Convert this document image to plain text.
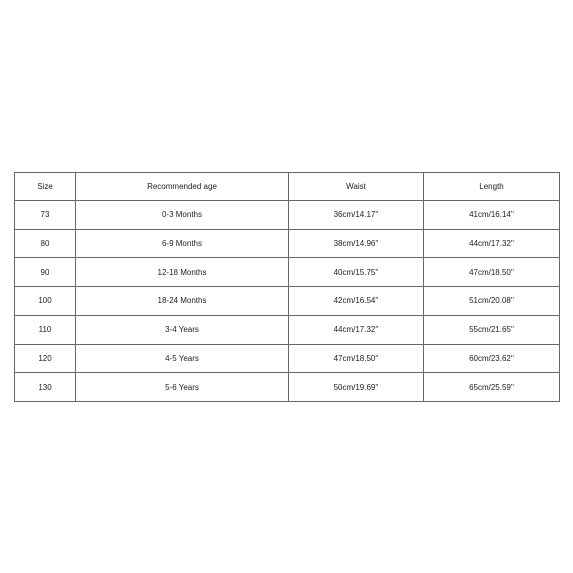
Size	Recommended age	Waist	Length
73	0-3 Months	36cm/14.17''	41cm/16.14''
80	6-9 Months	38cm/14.96''	44cm/17.32''
90	12-18 Months	40cm/15.75''	47cm/18.50''
100	18-24 Months	42cm/16.54''	51cm/20.08''
110	3-4 Years	44cm/17.32''	55cm/21.65''
120	4-5 Years	47cm/18.50''	60cm/23.62''
130	5-6 Years	50cm/19.69''	65cm/25.59''
